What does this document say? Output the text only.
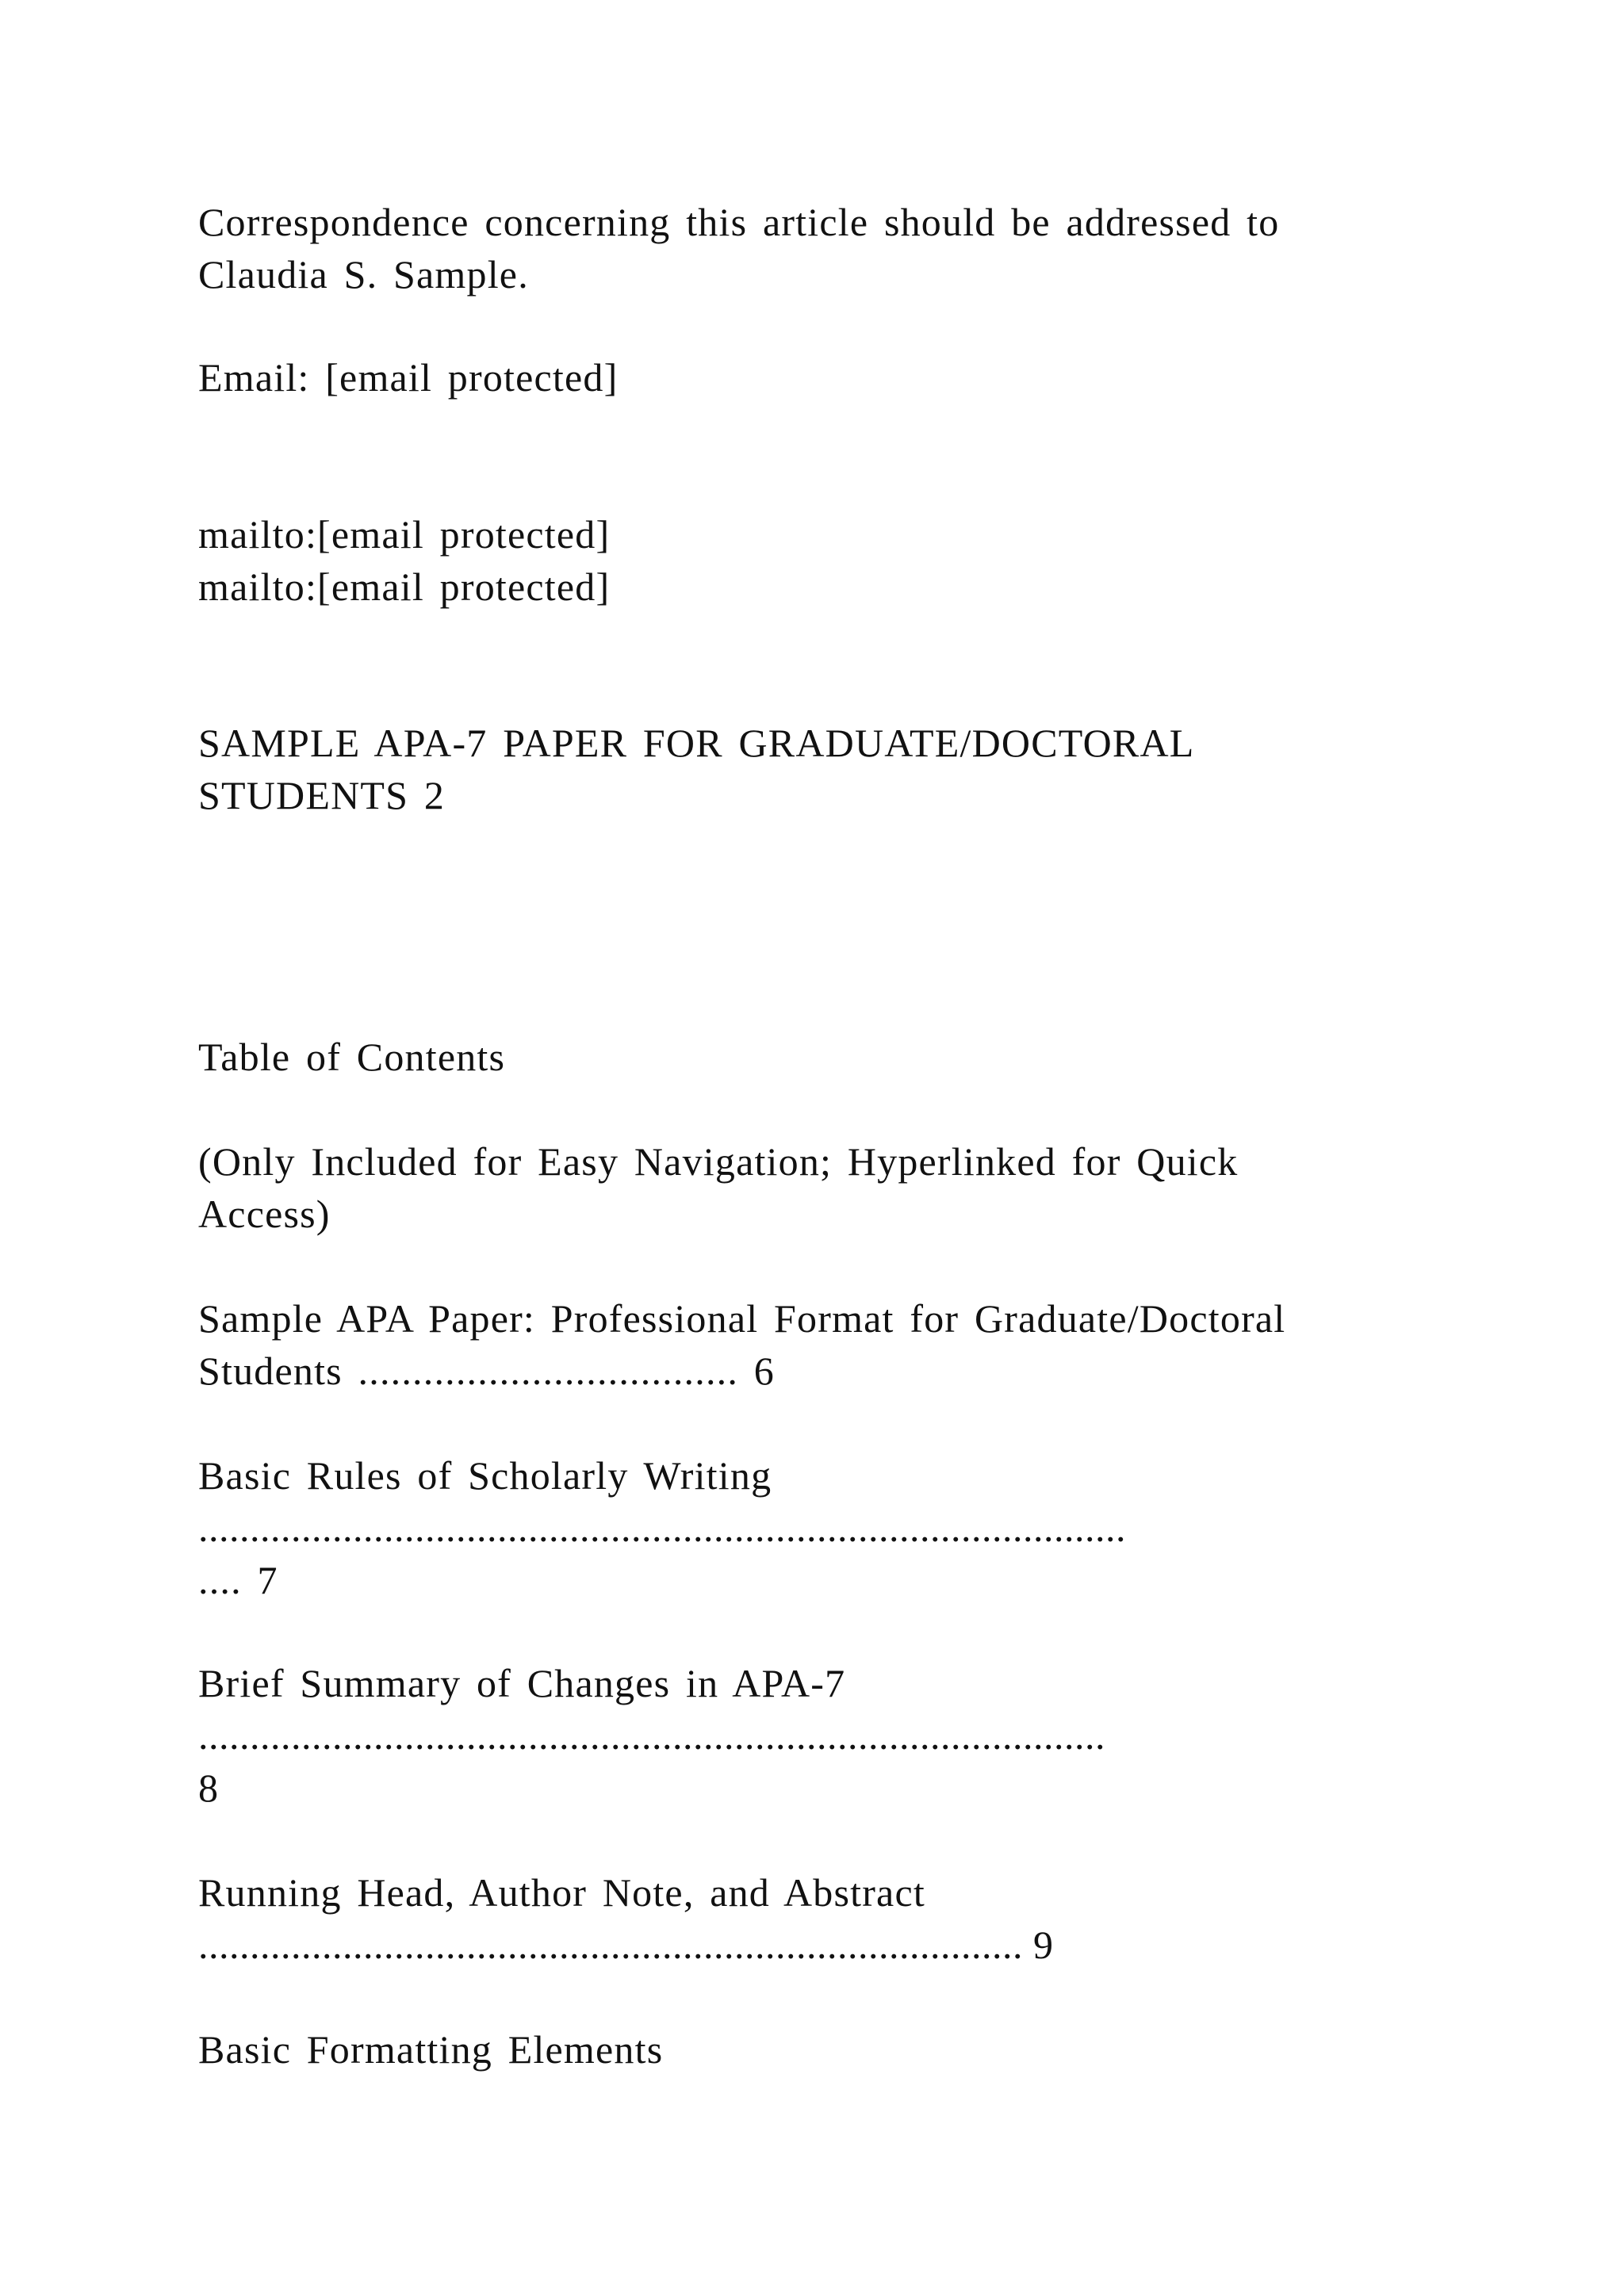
Correspondence concerning this article should be addressed to
Claudia S. Sample.
Email: [email protected]
mailto:[email protected]
mailto:[email protected]
SAMPLE APA-7 PAPER FOR GRADUATE/DOCTORAL
STUDENTS 2
Table of Contents
(Only Included for Easy Navigation; Hyperlinked for Quick
Access)
Sample APA Paper: Professional Format for Graduate/Doctoral
Students ................................... 6
Basic Rules of Scholarly Writing
..........................................................................................
.... 7
Brief Summary of Changes in APA-7
........................................................................................
8
Running Head, Author Note, and Abstract
................................................................................ 9
Basic Formatting Elements
